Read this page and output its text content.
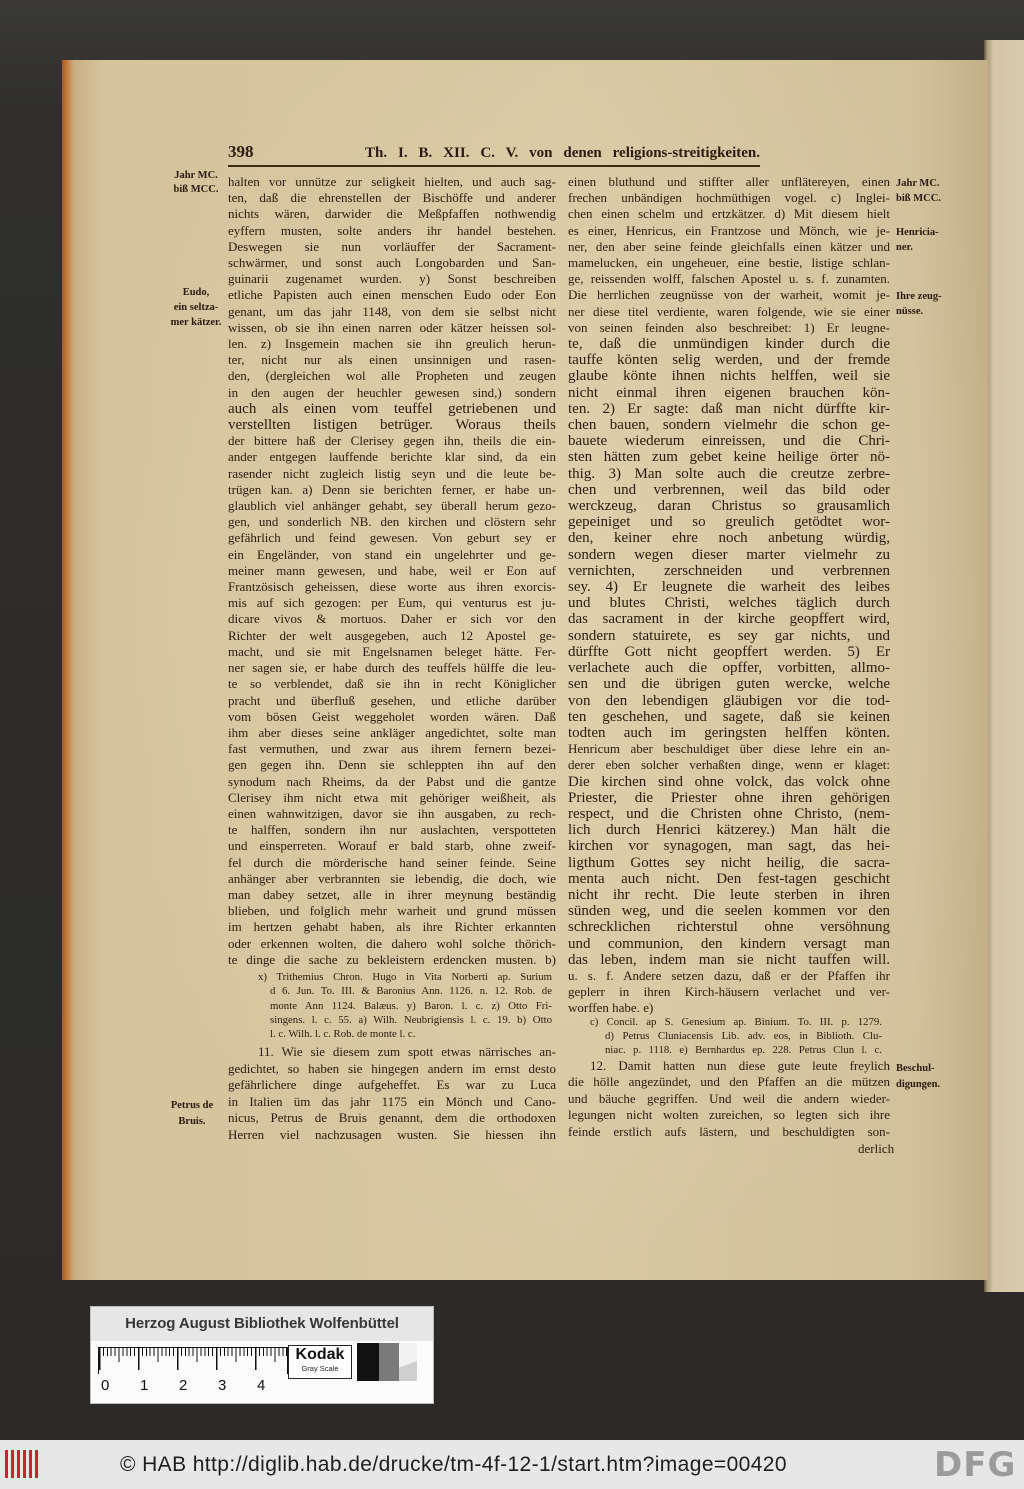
398	Th. I. B. XII. C. V. von denen religions-streitigkeiten.
Jahr MC.
biß MCC.
Eudo,
ein seltza-
mer kätzer.
Petrus de
Bruis.
Jahr MC.
biß MCC.
Henricia-
ner.
Ihre zeug-
nüsse.
Beschul-
digungen.
halten vor unnütze zur seligkeit hielten, und auch sag-
ten, daß die ehrenstellen der Bischöffe und anderer
nichts wären, darwider die Meßpfaffen nothwendig
eyffern musten, solte anders ihr handel bestehen.
Deswegen sie nun vorläuffer der Sacrament-
schwärmer, und sonst auch Longobarden und San-
guinarii zugenamet wurden. y) Sonst beschreiben
etliche Papisten auch einen menschen Eudo oder Eon
genant, um das jahr 1148, von dem sie selbst nicht
wissen, ob sie ihn einen narren oder kätzer heissen sol-
len. z) Insgemein machen sie ihn greulich herun-
ter, nicht nur als einen unsinnigen und rasen-
den, (dergleichen wol alle Propheten und zeugen
in den augen der heuchler gewesen sind,) sondern
auch als einen vom teuffel getriebenen und
verstellten listigen betrüger. Woraus theils
der bittere haß der Clerisey gegen ihn, theils die ein-
ander entgegen lauffende berichte klar sind, da ein
rasender nicht zugleich listig seyn und die leute be-
trügen kan. a) Denn sie berichten ferner, er habe un-
glaublich viel anhänger gehabt, sey überall herum gezo-
gen, und sonderlich NB. den kirchen und clöstern sehr
gefährlich und feind gewesen. Von geburt sey er
ein Engeländer, von stand ein ungelehrter und ge-
meiner mann gewesen, und habe, weil er Eon auf
Frantzösisch geheissen, diese worte aus ihren exorcis-
mis auf sich gezogen: per Eum, qui venturus est ju-
dicare vivos & mortuos. Daher er sich vor den
Richter der welt ausgegeben, auch 12 Apostel ge-
macht, und sie mit Engelsnamen beleget hätte. Fer-
ner sagen sie, er habe durch des teuffels hülffe die leu-
te so verblendet, daß sie ihn in recht Königlicher
pracht und überfluß gesehen, und etliche darüber
vom bösen Geist weggeholet worden wären. Daß
ihm aber dieses seine ankläger angedichtet, solte man
fast vermuthen, und zwar aus ihrem fernern bezei-
gen gegen ihn. Denn sie schleppten ihn auf den
synodum nach Rheims, da der Pabst und die gantze
Clerisey ihm nicht etwa mit gehöriger weißheit, als
einen wahnwitzigen, davor sie ihn ausgaben, zu rech-
te halffen, sondern ihn nur auslachten, verspotteten
und einsperreten. Worauf er bald starb, ohne zweif-
fel durch die mörderische hand seiner feinde. Seine
anhänger aber verbrannten sie lebendig, die doch, wie
man dabey setzet, alle in ihrer meynung beständig
blieben, und folglich mehr warheit und grund müssen
im hertzen gehabt haben, als ihre Richter erkannten
oder erkennen wolten, die dahero wohl solche thörich-
te dinge die sache zu bekleistern erdencken musten. b)
x) Trithemius Chron. Hugo in Vita Norberti ap. Surium
d 6. Jun. To. III. & Baronius Ann. 1126. n. 12. Rob. de
monte Ann 1124. Balæus. y) Baron. l. c. z) Otto Fri-
singens. l. c. 55. a) Wilh. Neubrigiensis l. c. 19. b) Otto
l. c. Wilh. l. c. Rob. de monte l. c.
11. Wie sie diesem zum spott etwas närrisches an-
gedichtet, so haben sie hingegen andern im ernst desto
gefährlichere dinge aufgeheffet. Es war zu Luca
in Italien üm das jahr 1175 ein Mönch und Cano-
nicus, Petrus de Bruis genannt, dem die orthodoxen
Herren viel nachzusagen wusten. Sie hiessen ihn
einen bluthund und stiffter aller unflätereyen, einen
frechen unbändigen hochmüthigen vogel. c) Inglei-
chen einen schelm und ertzkätzer. d) Mit diesem hielt
es einer, Henricus, ein Frantzose und Mönch, wie je-
ner, den aber seine feinde gleichfalls einen kätzer und
mamelucken, ein ungeheuer, eine bestie, listige schlan-
ge, reissenden wolff, falschen Apostel u. s. f. zunamten.
Die herrlichen zeugnüsse von der warheit, womit je-
ner diese titel verdiente, waren folgende, wie sie einer
von seinen feinden also beschreibet: 1) Er leugne-
te, daß die unmündigen kinder durch die
tauffe könten selig werden, und der fremde
glaube könte ihnen nichts helffen, weil sie
nicht einmal ihren eigenen brauchen kön-
ten. 2) Er sagte: daß man nicht dürffte kir-
chen bauen, sondern vielmehr die schon ge-
bauete wiederum einreissen, und die Chri-
sten hätten zum gebet keine heilige örter nö-
thig. 3) Man solte auch die creutze zerbre-
chen und verbrennen, weil das bild oder
werckzeug, daran Christus so grausamlich
gepeiniget und so greulich getödtet wor-
den, keiner ehre noch anbetung würdig,
sondern wegen dieser marter vielmehr zu
vernichten, zerschneiden und verbrennen
sey. 4) Er leugnete die warheit des leibes
und blutes Christi, welches täglich durch
das sacrament in der kirche geopffert wird,
sondern statuirete, es sey gar nichts, und
dürffte Gott nicht geopffert werden. 5) Er
verlachete auch die opffer, vorbitten, allmo-
sen und die übrigen guten wercke, welche
von den lebendigen gläubigen vor die tod-
ten geschehen, und sagete, daß sie keinen
todten auch im geringsten helffen könten.
Henricum aber beschuldiget über diese lehre ein an-
derer eben solcher verhaßten dinge, wenn er klaget:
Die kirchen sind ohne volck, das volck ohne
Priester, die Priester ohne ihren gehörigen
respect, und die Christen ohne Christo, (nem-
lich durch Henrici kätzerey.) Man hält die
kirchen vor synagogen, man sagt, das hei-
ligthum Gottes sey nicht heilig, die sacra-
menta auch nicht. Den fest-tagen geschicht
nicht ihr recht. Die leute sterben in ihren
sünden weg, und die seelen kommen vor den
schrecklichen richterstul ohne versöhnung
und communion, den kindern versagt man
das leben, indem man sie nicht tauffen will.
u. s. f. Andere setzen dazu, daß er der Pfaffen ihr
geplerr in ihren Kirch-häusern verlachet und ver-
worffen habe. e)
c) Concil. ap S. Genesium ap. Binium. To. III. p. 1279.
d) Petrus Cluniacensis Lib. adv. eos, in Biblioth. Clu-
niac. p. 1118. e) Bernhardus ep. 228. Petrus Clun l. c.
12. Damit hatten nun diese gute leute freylich
die hölle angezündet, und den Pfaffen an die mützen
und bäuche gegriffen. Und weil die andern wieder-
legungen nicht wolten zureichen, so legten sich ihre
feinde erstlich aufs lästern, und beschuldigten son-
derlich
Herzog August Bibliothek Wolfenbüttel
0 1 2 3 4
Kodak
Gray Scale
© HAB http://diglib.hab.de/drucke/tm-4f-12-1/start.htm?image=00420	DFG
